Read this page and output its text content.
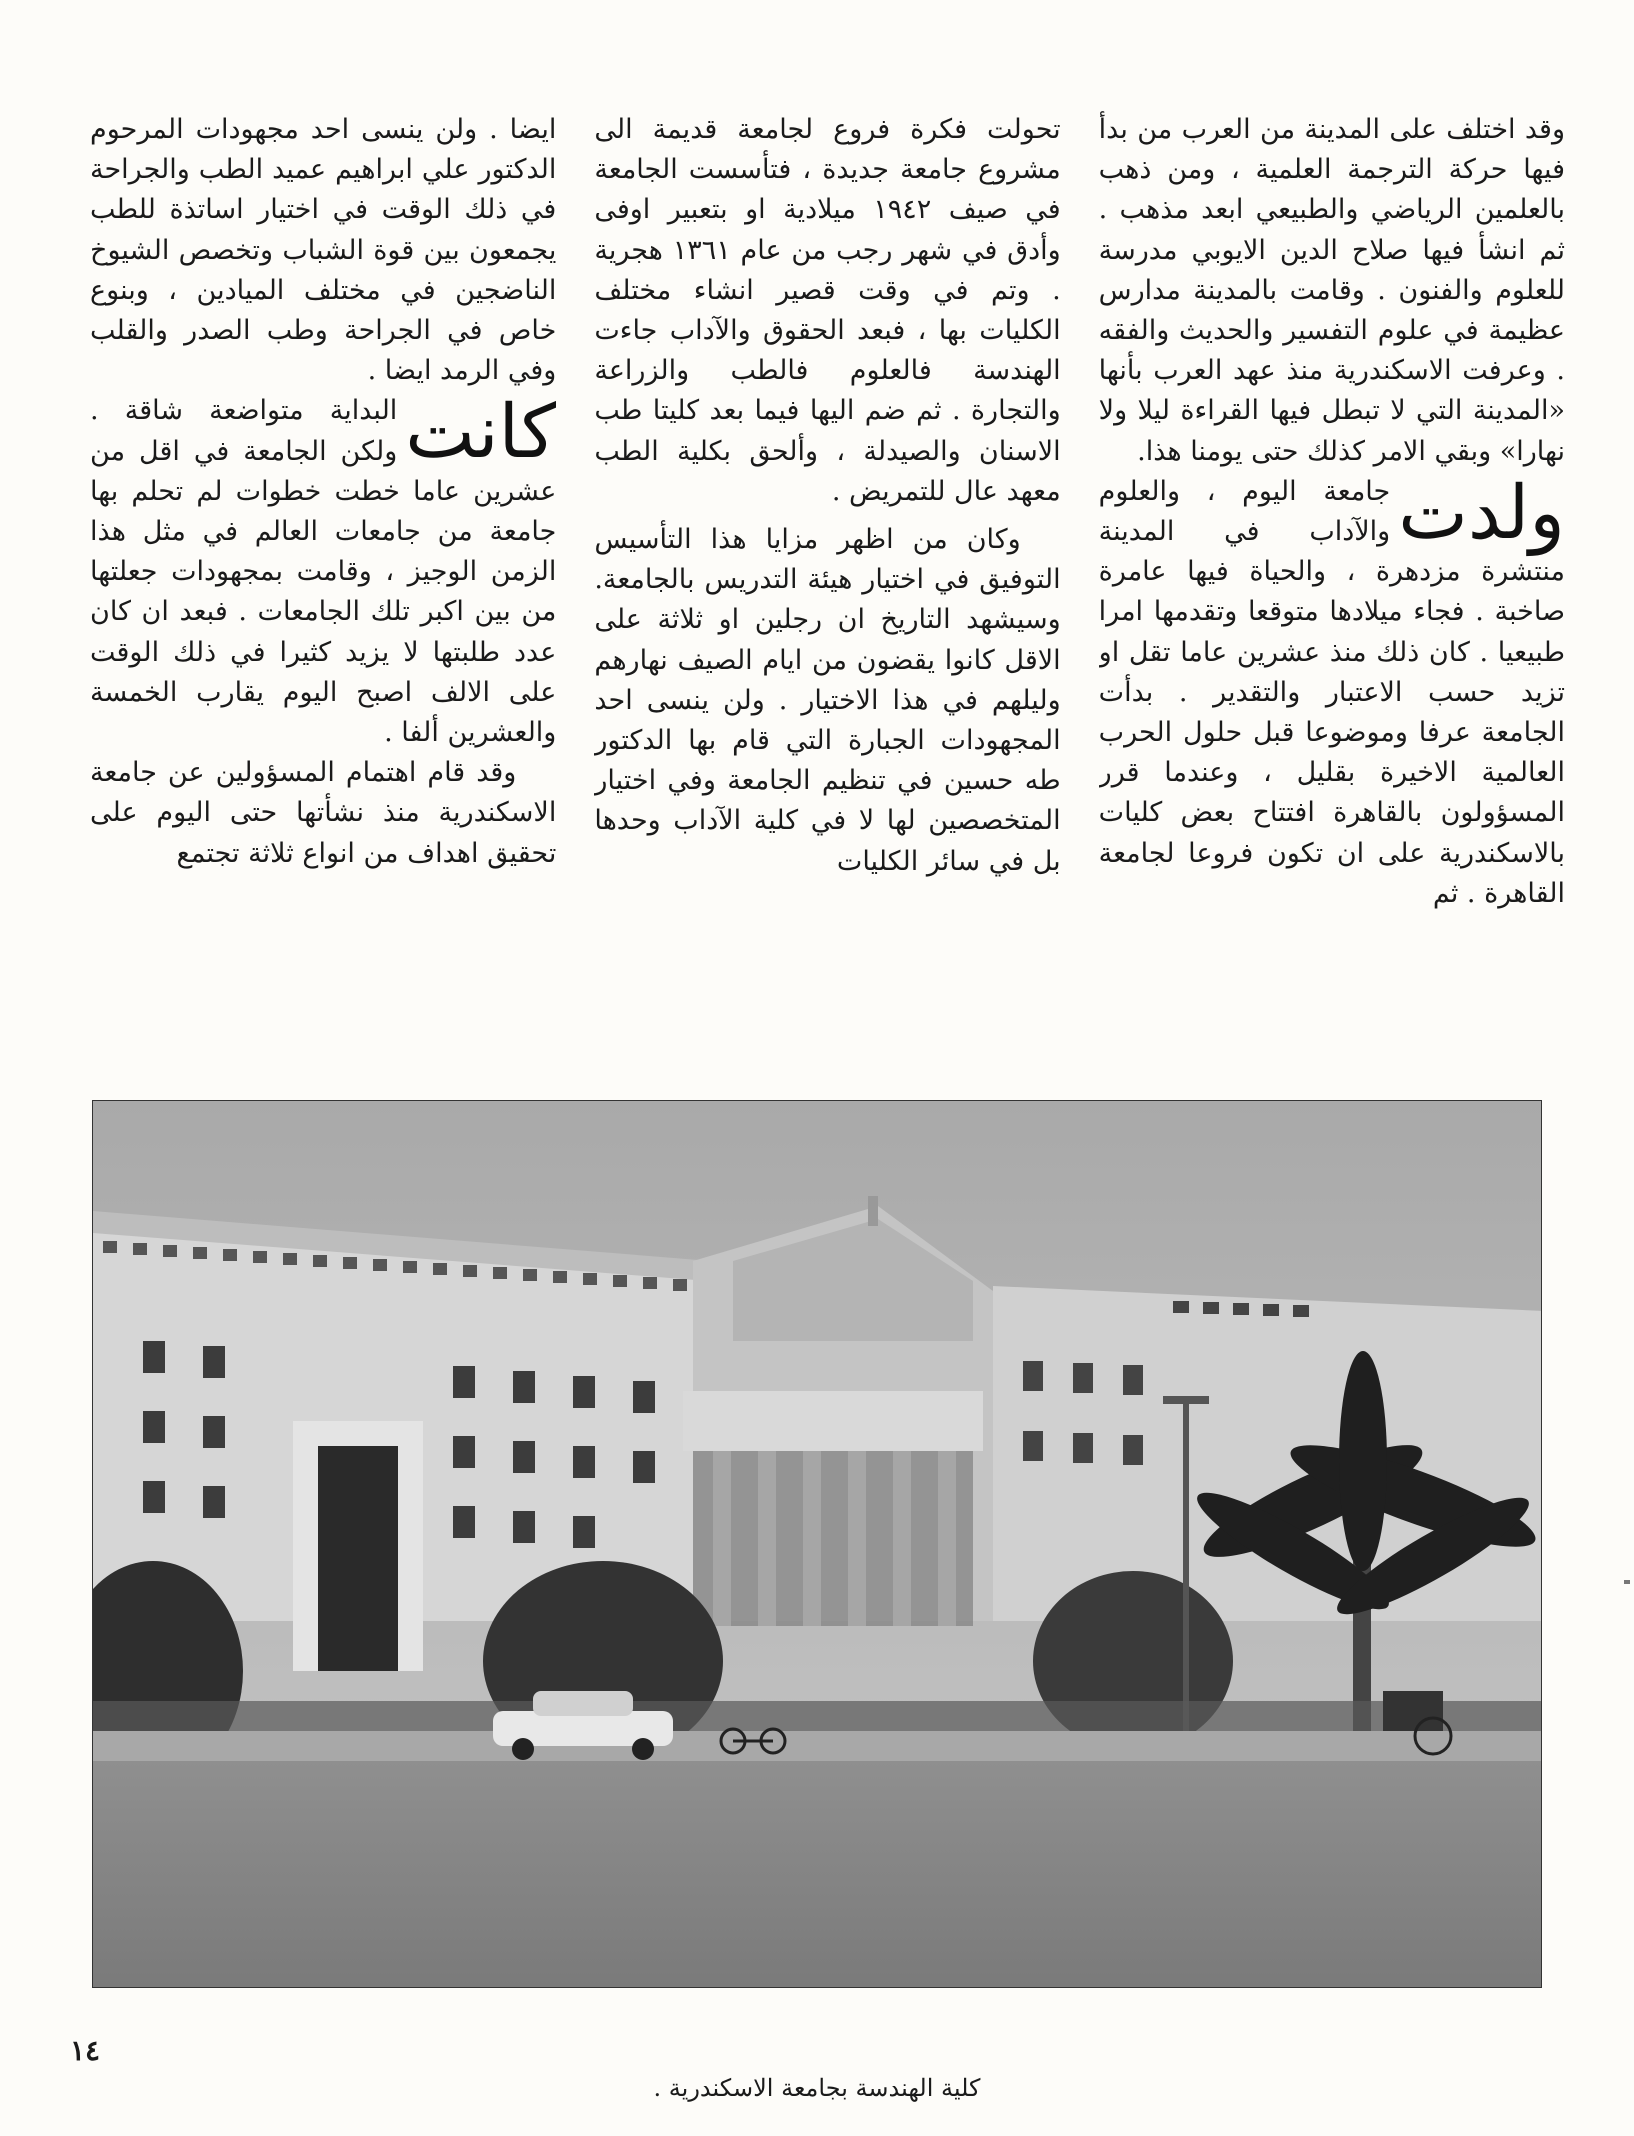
وقد اختلف على المدينة من العرب من بدأ فيها حركة الترجمة العلمية ، ومن ذهب بالعلمين الرياضي والطبيعي ابعد مذهب . ثم انشأ فيها صلاح الدين الايوبي مدرسة للعلوم والفنون . وقامت بالمدينة مدارس عظيمة في علوم التفسير والحديث والفقه . وعرفت الاسكندرية منذ عهد العرب بأنها «المدينة التي لا تبطل فيها القراءة ليلا ولا نهارا» وبقي الامر كذلك حتى يومنا هذا.

ولدت
جامعة اليوم ، والعلوم والآداب في المدينة منتشرة مزدهرة ، والحياة فيها عامرة صاخبة . فجاء ميلادها متوقعا وتقدمها امرا طبيعيا . كان ذلك منذ عشرين عاما تقل او تزيد حسب الاعتبار والتقدير . بدأت الجامعة عرفا وموضوعا قبل حلول الحرب العالمية الاخيرة بقليل ، وعندما قرر المسؤولون بالقاهرة افتتاح بعض كليات بالاسكندرية على ان تكون فروعا لجامعة القاهرة . ثم

تحولت فكرة فروع لجامعة قديمة الى مشروع جامعة جديدة ، فتأسست الجامعة في صيف ١٩٤٢ ميلادية او بتعبير اوفى وأدق في شهر رجب من عام ١٣٦١ هجرية . وتم في وقت قصير انشاء مختلف الكليات بها ، فبعد الحقوق والآداب جاءت الهندسة فالعلوم فالطب والزراعة والتجارة . ثم ضم اليها فيما بعد كليتا طب الاسنان والصيدلة ، وألحق بكلية الطب معهد عال للتمريض .

وكان من اظهر مزايا هذا التأسيس التوفيق في اختيار هيئة التدريس بالجامعة. وسيشهد التاريخ ان رجلين او ثلاثة على الاقل كانوا يقضون من ايام الصيف نهارهم وليلهم في هذا الاختيار . ولن ينسى احد المجهودات الجبارة التي قام بها الدكتور طه حسين في تنظيم الجامعة وفي اختيار المتخصصين لها لا في كلية الآداب وحدها بل في سائر الكليات

ايضا . ولن ينسى احد مجهودات المرحوم الدكتور علي ابراهيم عميد الطب والجراحة في ذلك الوقت في اختيار اساتذة للطب يجمعون بين قوة الشباب وتخصص الشيوخ الناضجين في مختلف الميادين ، وبنوع خاص في الجراحة وطب الصدر والقلب وفي الرمد ايضا .

كانت
البداية متواضعة شاقة . ولكن الجامعة في اقل من عشرين عاما خطت خطوات لم تحلم بها جامعة من جامعات العالم في مثل هذا الزمن الوجيز ، وقامت بمجهودات جعلتها من بين اكبر تلك الجامعات . فبعد ان كان عدد طلبتها لا يزيد كثيرا في ذلك الوقت على الالف اصبح اليوم يقارب الخمسة والعشرين ألفا .

وقد قام اهتمام المسؤولين عن جامعة الاسكندرية منذ نشأتها حتى اليوم على تحقيق اهداف من انواع ثلاثة تجتمع

١٤
كلية الهندسة بجامعة الاسكندرية .
